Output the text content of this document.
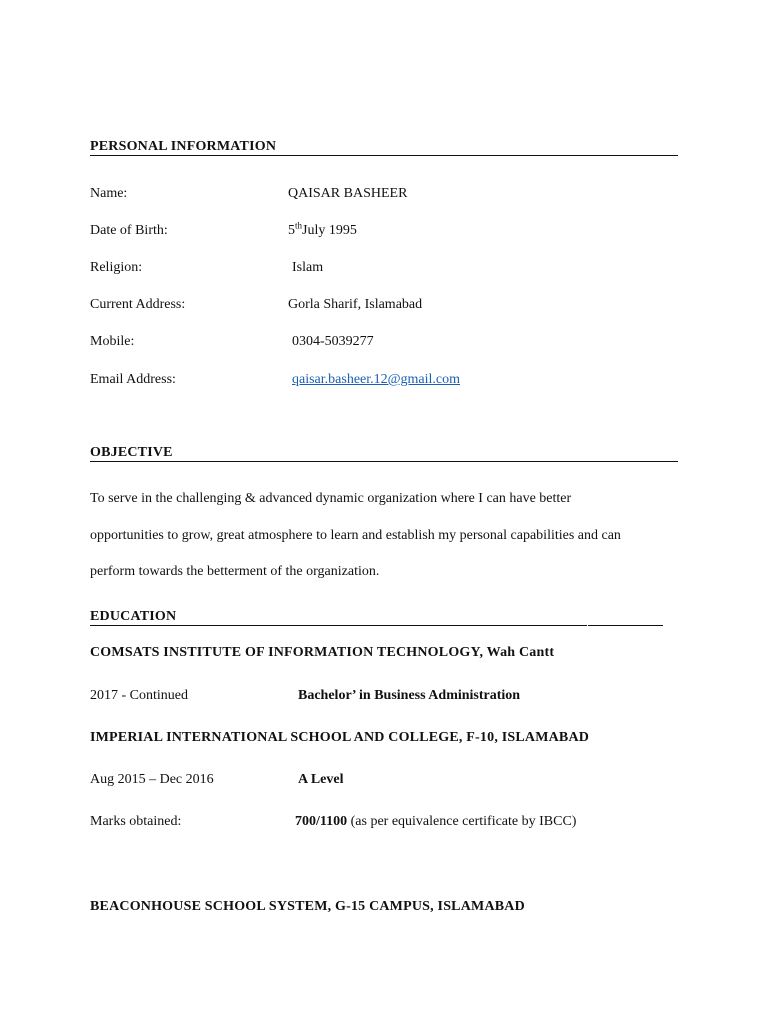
PERSONAL INFORMATION
Name:	QAISAR BASHEER
Date of Birth:	5thJuly 1995
Religion:	Islam
Current Address:	Gorla Sharif, Islamabad
Mobile:	0304-5039277
Email Address:	qaisar.basheer.12@gmail.com
OBJECTIVE
To serve in the challenging & advanced dynamic organization where I can have better
opportunities to grow, great atmosphere to learn and establish my personal capabilities and can
perform towards the betterment of the organization.
EDUCATION
COMSATS INSTITUTE OF INFORMATION TECHNOLOGY, Wah Cantt
2017 - Continued	Bachelor’ in Business Administration
IMPERIAL INTERNATIONAL SCHOOL AND COLLEGE, F-10, ISLAMABAD
Aug 2015 – Dec 2016	A Level
Marks obtained:	700/1100 (as per equivalence certificate by IBCC)
BEACONHOUSE SCHOOL SYSTEM, G-15 CAMPUS, ISLAMABAD
